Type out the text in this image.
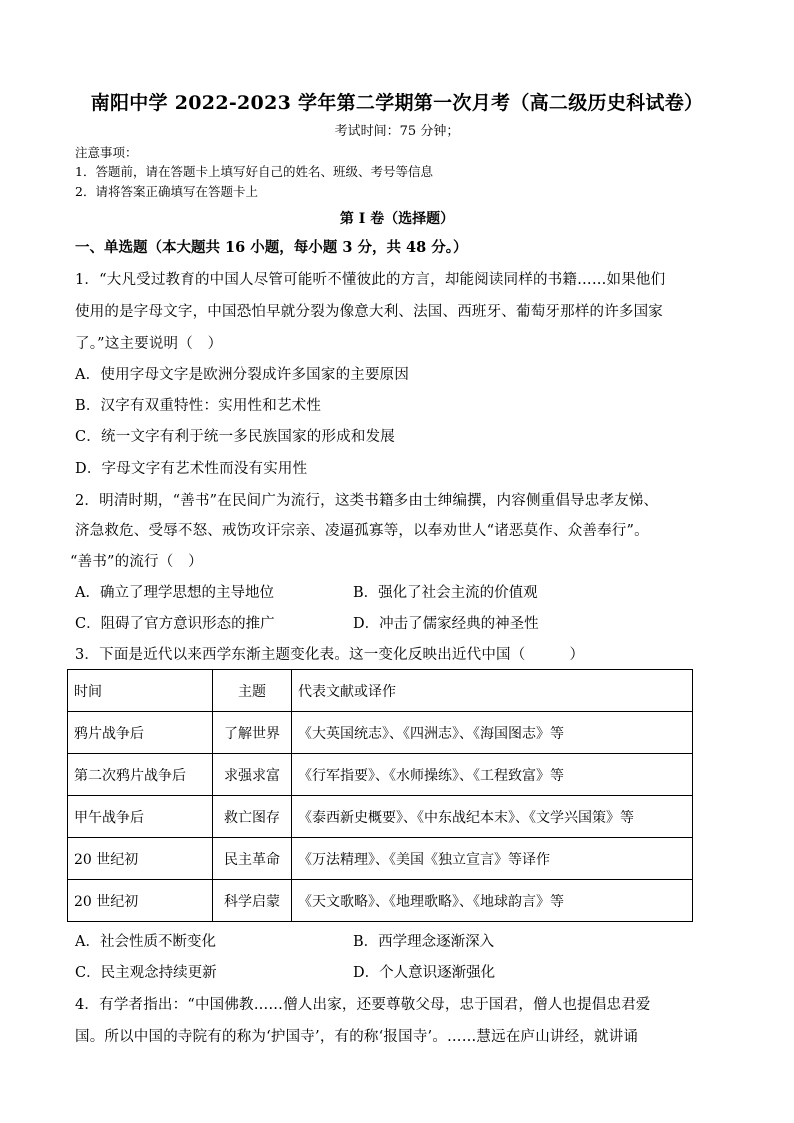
南阳中学 2022-2023 学年第二学期第一次月考（高二级历史科试卷）
考试时间：75 分钟；
注意事项：
1．答题前，请在答题卡上填写好自己的姓名、班级、考号等信息
2．请将答案正确填写在答题卡上
第 I 卷（选择题）
一、单选题（本大题共 16 小题，每小题 3 分，共 48 分。）
1．“大凡受过教育的中国人尽管可能听不懂彼此的方言，却能阅读同样的书籍……如果他们
使用的是字母文字，中国恐怕早就分裂为像意大利、法国、西班牙、葡萄牙那样的许多国家
了。”这主要说明（　）
A．使用字母文字是欧洲分裂成许多国家的主要原因
B．汉字有双重特性：实用性和艺术性
C．统一文字有利于统一多民族国家的形成和发展
D．字母文字有艺术性而没有实用性
2．明清时期，“善书”在民间广为流行，这类书籍多由士绅编撰，内容侧重倡导忠孝友悌、
济急救危、受辱不怒、戒饬攻讦宗亲、凌逼孤寡等，以奉劝世人“诸恶莫作、众善奉行”。
“善书”的流行（　）
A．确立了理学思想的主导地位	B．强化了社会主流的价值观
C．阻碍了官方意识形态的推广	D．冲击了儒家经典的神圣性
3．下面是近代以来西学东渐主题变化表。这一变化反映出近代中国（　　　）
时间	主题	代表文献或译作
鸦片战争后	了解世界	《大英国统志》、《四洲志》、《海国图志》等
第二次鸦片战争后	求强求富	《行军指要》、《水师操练》、《工程致富》等
甲午战争后	救亡图存	《泰西新史概要》、《中东战纪本末》、《文学兴国策》等
20 世纪初	民主革命	《万法精理》、《美国《独立宣言》等译作
20 世纪初	科学启蒙	《天文歌略》、《地理歌略》、《地球韵言》等
A．社会性质不断变化	B．西学理念逐渐深入
C．民主观念持续更新	D．个人意识逐渐强化
4．有学者指出：“中国佛教……僧人出家，还要尊敬父母，忠于国君，僧人也提倡忠君爱
国。所以中国的寺院有的称为‘护国寺’，有的称‘报国寺’。……慧远在庐山讲经，就讲诵
